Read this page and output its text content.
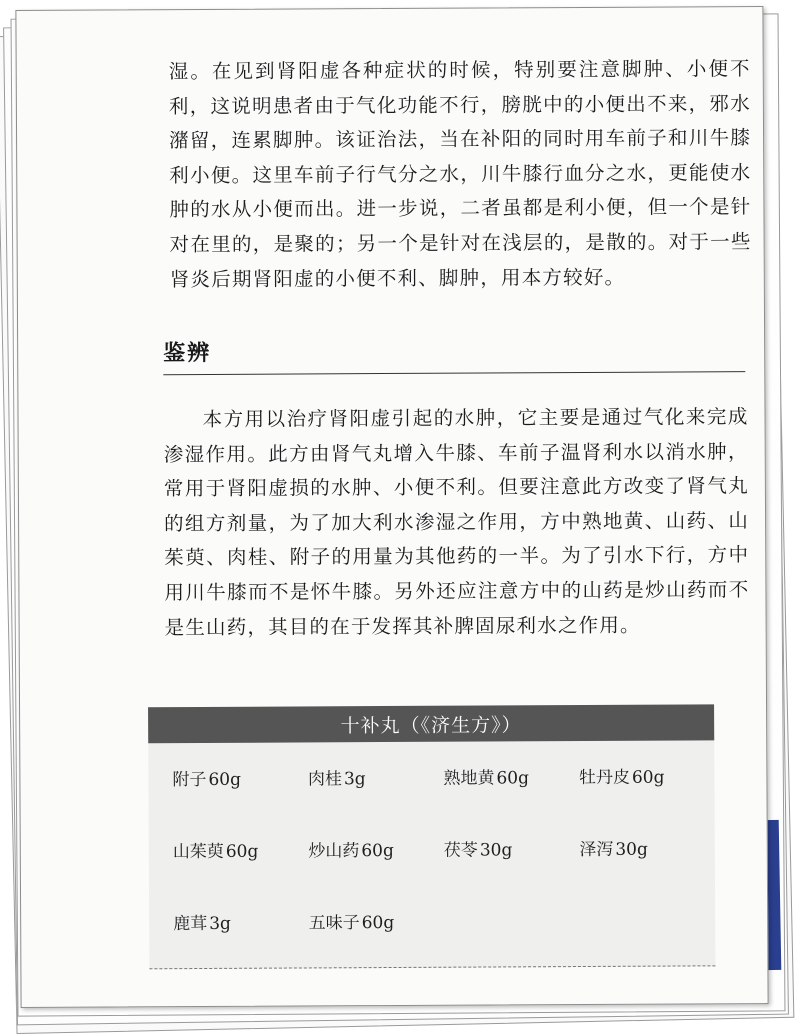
湿。在见到肾阳虚各种症状的时候，特别要注意脚肿、小便不利，这说明患者由于气化功能不行，膀胱中的小便出不来，邪水潴留，连累脚肿。该证治法，当在补阳的同时用车前子和川牛膝利小便。这里车前子行气分之水，川牛膝行血分之水，更能使水肿的水从小便而出。进一步说，二者虽都是利小便，但一个是针对在里的，是聚的；另一个是针对在浅层的，是散的。对于一些肾炎后期肾阳虚的小便不利、脚肿，用本方较好。

鉴辨

本方用以治疗肾阳虚引起的水肿，它主要是通过气化来完成渗湿作用。此方由肾气丸增入牛膝、车前子温肾利水以消水肿，常用于肾阳虚损的水肿、小便不利。但要注意此方改变了肾气丸的组方剂量，为了加大利水渗湿之作用，方中熟地黄、山药、山茱萸、肉桂、附子的用量为其他药的一半。为了引水下行，方中用川牛膝而不是怀牛膝。另外还应注意方中的山药是炒山药而不是生山药，其目的在于发挥其补脾固尿利水之作用。

十补丸（《济生方》）
附子 60g	肉桂 3g	熟地黄 60g	牡丹皮 60g
山茱萸 60g	炒山药 60g	茯苓 30g	泽泻 30g
鹿茸 3g	五味子 60g
